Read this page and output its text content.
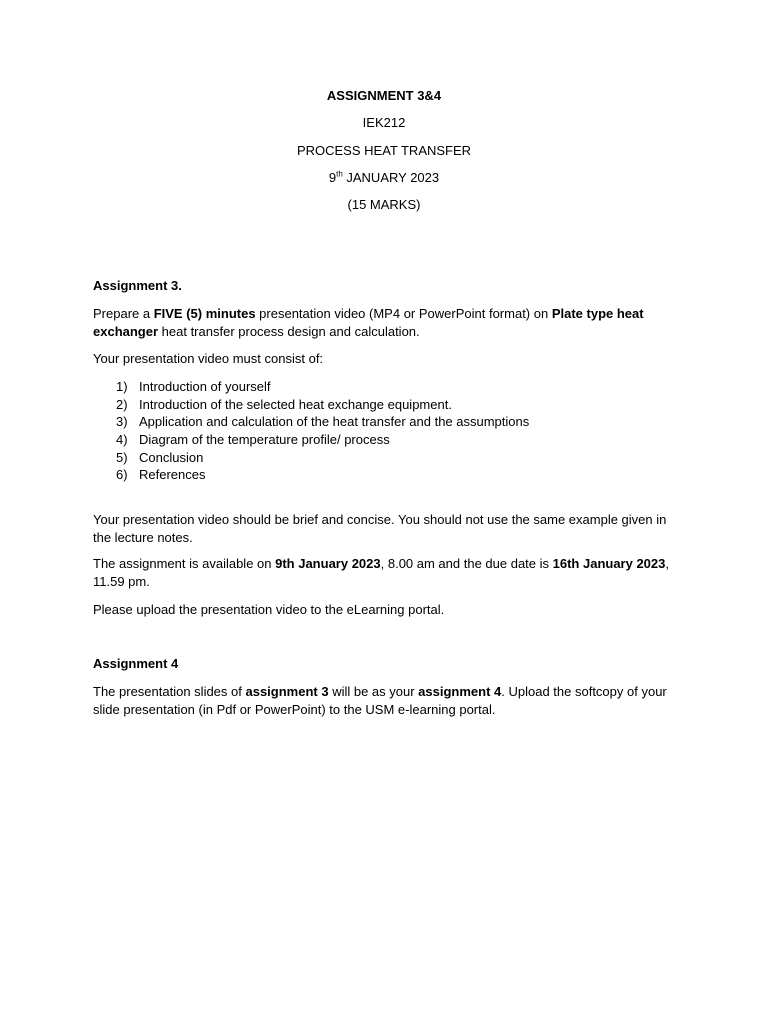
ASSIGNMENT 3&4
IEK212
PROCESS HEAT TRANSFER
9th JANUARY 2023
(15 MARKS)
Assignment 3.
Prepare a FIVE (5) minutes presentation video (MP4 or PowerPoint format) on Plate type heat exchanger heat transfer process design and calculation.
Your presentation video must consist of:
1) Introduction of yourself
2) Introduction of the selected heat exchange equipment.
3) Application and calculation of the heat transfer and the assumptions
4) Diagram of the temperature profile/ process
5) Conclusion
6) References
Your presentation video should be brief and concise. You should not use the same example given in the lecture notes.
The assignment is available on 9th January 2023, 8.00 am and the due date is 16th January 2023, 11.59 pm.
Please upload the presentation video to the eLearning portal.
Assignment 4
The presentation slides of assignment 3 will be as your assignment 4. Upload the softcopy of your slide presentation (in Pdf or PowerPoint) to the USM e-learning portal.
